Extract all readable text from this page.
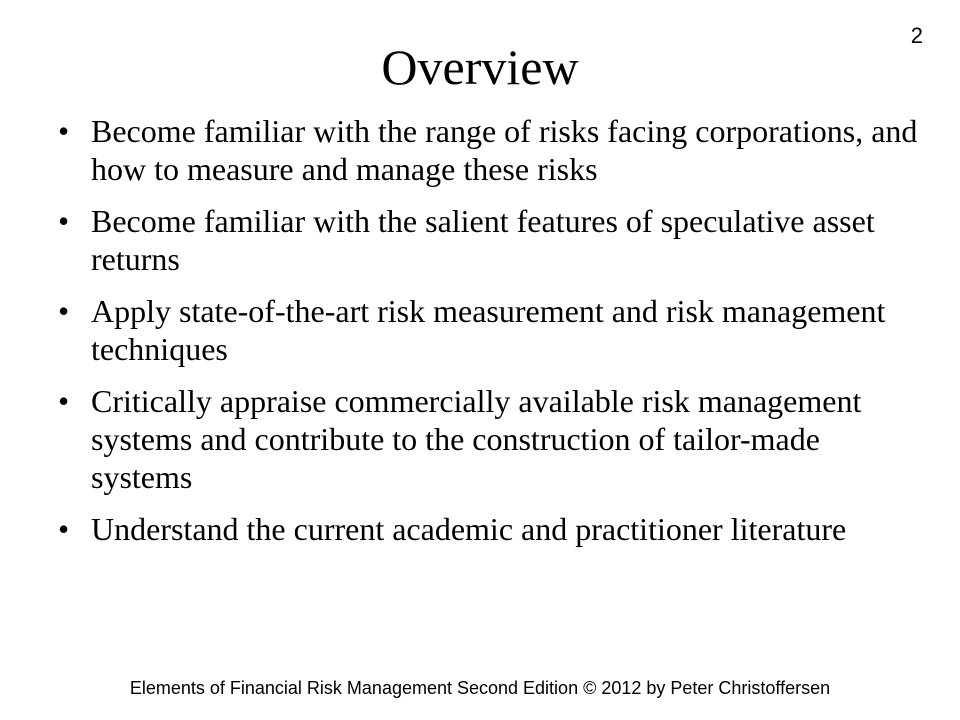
2
Overview
• Become familiar with the range of risks facing corporations, and how to measure and manage these risks
• Become familiar with the salient features of speculative asset returns
• Apply state-of-the-art risk measurement and risk management techniques
• Critically appraise commercially available risk management systems and contribute to the construction of tailor-made systems
• Understand the current academic and practitioner literature
Elements of Financial Risk Management Second Edition © 2012 by Peter Christoffersen
